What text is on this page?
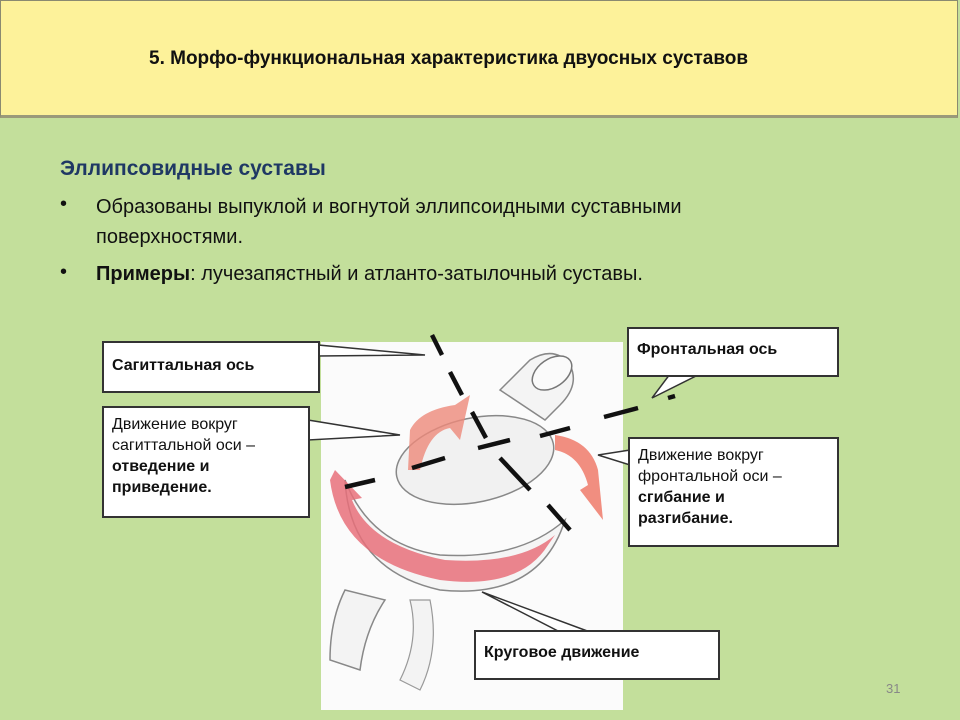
5. Морфо-функциональная характеристика двуосных суставов
Эллипсовидные суставы
• Образованы выпуклой и вогнутой эллипсоидными суставными
поверхностями.
• Примеры: лучезапястный и атланто-затылочный суставы.
Сагиттальная ось
Фронтальная ось
Движение вокруг
сагиттальной оси –
отведение и
приведение.
Движение вокруг
фронтальной оси –
сгибание и
разгибание.
Круговое движение
31
